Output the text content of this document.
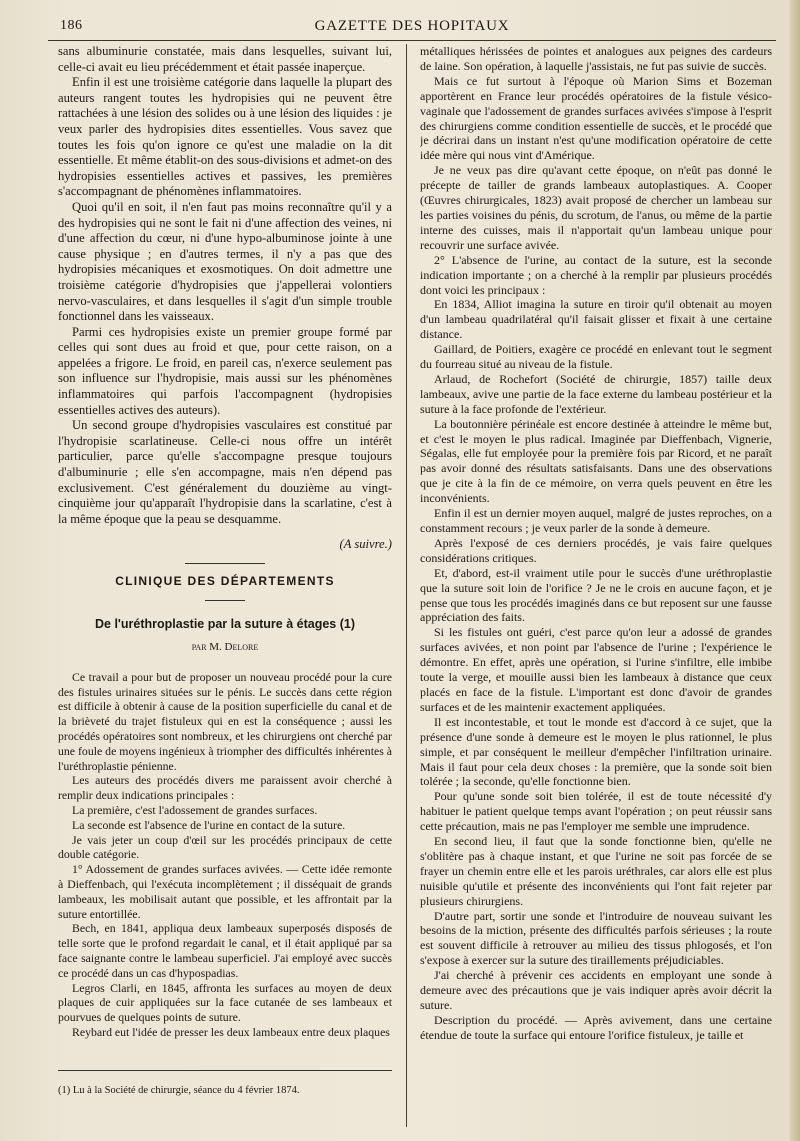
186	GAZETTE DES HOPITAUX

sans albuminurie constatée, mais dans lesquelles, suivant lui, celle-ci avait eu lieu précédemment et était passée inaperçue.

Enfin il est une troisième catégorie dans laquelle la plupart des auteurs rangent toutes les hydropisies qui ne peuvent être rattachées à une lésion des solides ou à une lésion des liquides : je veux parler des hydropisies dites essentielles. Vous savez que toutes les fois qu'on ignore ce qu'est une maladie on la dit essentielle. Et même établit-on des sous-divisions et admet-on des hydropisies essentielles actives et passives, les premières s'accompagnant de phénomènes inflammatoires.

Quoi qu'il en soit, il n'en faut pas moins reconnaître qu'il y a des hydropisies qui ne sont le fait ni d'une affection des veines, ni d'une affection du cœur, ni d'une hypo-albuminose jointe à une cause physique ; en d'autres termes, il n'y a pas que des hydropisies mécaniques et exosmotiques. On doit admettre une troisième catégorie d'hydropisies que j'appellerai volontiers nervo-vasculaires, et dans lesquelles il s'agit d'un simple trouble fonctionnel dans les vaisseaux.

Parmi ces hydropisies existe un premier groupe formé par celles qui sont dues au froid et que, pour cette raison, on a appelées a frigore. Le froid, en pareil cas, n'exerce seulement pas son influence sur l'hydropisie, mais aussi sur les phénomènes inflammatoires qui parfois l'accompagnent (hydropisies essentielles actives des auteurs).

Un second groupe d'hydropisies vasculaires est constitué par l'hydropisie scarlatineuse. Celle-ci nous offre un intérêt particulier, parce qu'elle s'accompagne presque toujours d'albuminurie ; elle s'en accompagne, mais n'en dépend pas exclusivement. C'est généralement du douzième au vingt-cinquième jour qu'apparaît l'hydropisie dans la scarlatine, c'est à la même époque que la peau se desquamme.

(A suivre.)
CLINIQUE DES DÉPARTEMENTS
De l'uréthroplastie par la suture à étages (1)
par M. Delore

Ce travail a pour but de proposer un nouveau procédé pour la cure des fistules urinaires situées sur le pénis. Le succès dans cette région est difficile à obtenir à cause de la position superficielle du canal et de la brièveté du trajet fistuleux qui en est la conséquence ; aussi les procédés opératoires sont nombreux, et les chirurgiens ont cherché par une foule de moyens ingénieux à triompher des difficultés inhérentes à l'uréthroplastie pénienne.

Les auteurs des procédés divers me paraissent avoir cherché à remplir deux indications principales :

La première, c'est l'adossement de grandes surfaces.

La seconde est l'absence de l'urine en contact de la suture.

Je vais jeter un coup d'œil sur les procédés principaux de cette double catégorie.

1° Adossement de grandes surfaces avivées. — Cette idée remonte à Dieffenbach, qui l'exécuta incomplètement ; il disséquait de grands lambeaux, les mobilisait autant que possible, et les affrontait par la suture entortillée.

Bech, en 1841, appliqua deux lambeaux superposés disposés de telle sorte que le profond regardait le canal, et il était appliqué par sa face saignante contre le lambeau superficiel. J'ai employé avec succès ce procédé dans un cas d'hypospadias.

Legros Clarli, en 1845, affronta les surfaces au moyen de deux plaques de cuir appliquées sur la face cutanée de ses lambeaux et pourvues de quelques points de suture.

Reybard eut l'idée de presser les deux lambeaux entre deux plaques

(1) Lu à la Société de chirurgie, séance du 4 février 1874.

métalliques hérissées de pointes et analogues aux peignes des cardeurs de laine. Son opération, à laquelle j'assistais, ne fut pas suivie de succès.

Mais ce fut surtout à l'époque où Marion Sims et Bozeman apportèrent en France leur procédés opératoires de la fistule vésico-vaginale que l'adossement de grandes surfaces avivées s'impose à l'esprit des chirurgiens comme condition essentielle de succès, et le procédé que je décrirai dans un instant n'est qu'une modification opératoire de cette idée mère qui nous vint d'Amérique.

Je ne veux pas dire qu'avant cette époque, on n'eût pas donné le précepte de tailler de grands lambeaux autoplastiques. A. Cooper (Œuvres chirurgicales, 1823) avait proposé de chercher un lambeau sur les parties voisines du pénis, du scrotum, de l'anus, ou même de la partie interne des cuisses, mais il n'apportait qu'un lambeau unique pour recouvrir une surface avivée.

2° L'absence de l'urine, au contact de la suture, est la seconde indication importante ; on a cherché à la remplir par plusieurs procédés dont voici les principaux :

En 1834, Alliot imagina la suture en tiroir qu'il obtenait au moyen d'un lambeau quadrilatéral qu'il faisait glisser et fixait à une certaine distance.

Gaillard, de Poitiers, exagère ce procédé en enlevant tout le segment du fourreau situé au niveau de la fistule.

Arlaud, de Rochefort (Société de chirurgie, 1857) taille deux lambeaux, avive une partie de la face externe du lambeau postérieur et la suture à la face profonde de l'extérieur.

La boutonnière périnéale est encore destinée à atteindre le même but, et c'est le moyen le plus radical. Imaginée par Dieffenbach, Vignerie, Ségalas, elle fut employée pour la première fois par Ricord, et ne paraît pas avoir donné des résultats satisfaisants. Dans une des observations que je cite à la fin de ce mémoire, on verra quels peuvent en être les inconvénients.

Enfin il est un dernier moyen auquel, malgré de justes reproches, on a constamment recours ; je veux parler de la sonde à demeure.

Après l'exposé de ces derniers procédés, je vais faire quelques considérations critiques.

Et, d'abord, est-il vraiment utile pour le succès d'une uréthroplastie que la suture soit loin de l'orifice ? Je ne le crois en aucune façon, et je pense que tous les procédés imaginés dans ce but reposent sur une fausse appréciation des faits.

Si les fistules ont guéri, c'est parce qu'on leur a adossé de grandes surfaces avivées, et non point par l'absence de l'urine ; l'expérience le démontre. En effet, après une opération, si l'urine s'infiltre, elle imbibe toute la verge, et mouille aussi bien les lambeaux à distance que ceux placés en face de la fistule. L'important est donc d'avoir de grandes surfaces et de les maintenir exactement appliquées.

Il est incontestable, et tout le monde est d'accord à ce sujet, que la présence d'une sonde à demeure est le moyen le plus rationnel, le plus simple, et par conséquent le meilleur d'empêcher l'infiltration urinaire. Mais il faut pour cela deux choses : la première, que la sonde soit bien tolérée ; la seconde, qu'elle fonctionne bien.

Pour qu'une sonde soit bien tolérée, il est de toute nécessité d'y habituer le patient quelque temps avant l'opération ; on peut réussir sans cette précaution, mais ne pas l'employer me semble une imprudence.

En second lieu, il faut que la sonde fonctionne bien, qu'elle ne s'oblitère pas à chaque instant, et que l'urine ne soit pas forcée de se frayer un chemin entre elle et les parois uréthrales, car alors elle est plus nuisible qu'utile et présente des inconvénients qui l'ont fait rejeter par plusieurs chirurgiens.

D'autre part, sortir une sonde et l'introduire de nouveau suivant les besoins de la miction, présente des difficultés parfois sérieuses ; la route est souvent difficile à retrouver au milieu des tissus phlogosés, et l'on s'expose à exercer sur la suture des tiraillements préjudiciables.

J'ai cherché à prévenir ces accidents en employant une sonde à demeure avec des précautions que je vais indiquer après avoir décrit la suture.

Description du procédé. — Après avivement, dans une certaine étendue de toute la surface qui entoure l'orifice fistuleux, je taille et
